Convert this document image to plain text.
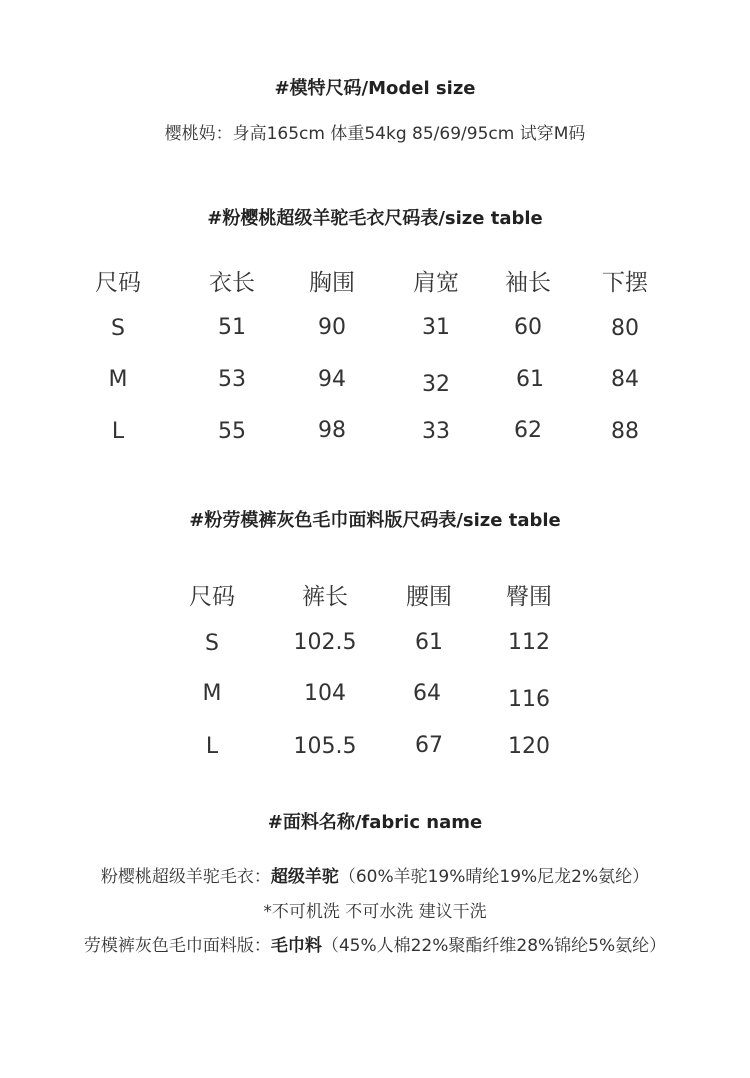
#模特尺码/Model size
樱桃妈：身高165cm 体重54kg 85/69/95cm 试穿M码
#粉樱桃超级羊驼毛衣尺码表/size table
尺码	衣长 胸围	肩宽 袖长 下摆
S	51	90	31	60	80
M	53	94	32	61	84
L	55	98	33	62	88
#粉劳模裤灰色毛巾面料版尺码表/size table
尺码	裤长	腰围 臀围
S	102.5	61	112
M	104	64	116
L	105.5	67	120
#面料名称/fabric name
粉樱桃超级羊驼毛衣：超级羊驼（60%羊驼19%晴纶19%尼龙2%氨纶）
*不可机洗 不可水洗 建议干洗
劳模裤灰色毛巾面料版：毛巾料（45%人棉22%聚酯纤维28%锦纶5%氨纶）
